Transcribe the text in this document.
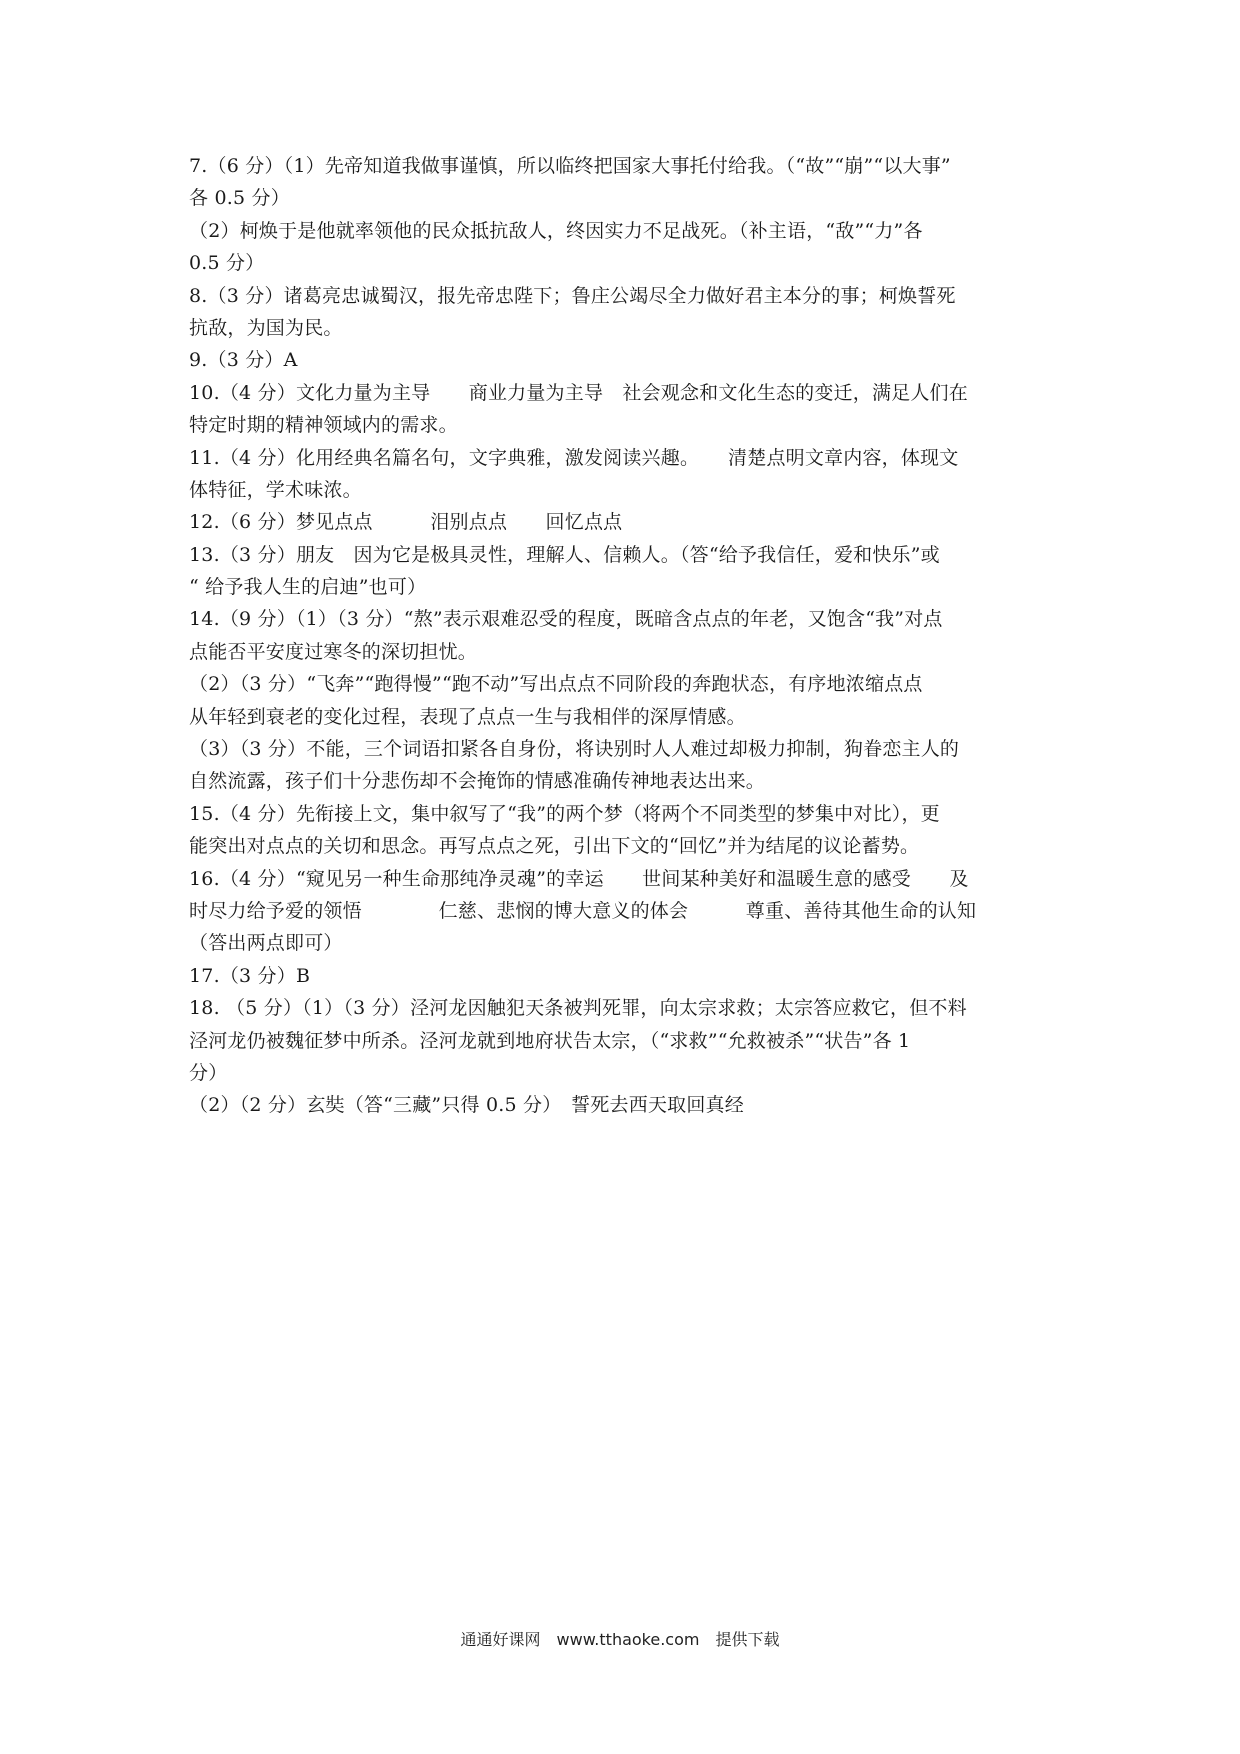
7.（6 分）（1）先帝知道我做事谨慎，所以临终把国家大事托付给我。（“故”“崩”“以大事”
各 0.5 分）
（2）柯焕于是他就率领他的民众抵抗敌人，终因实力不足战死。（补主语，“敌”“力”各
0.5 分）
8.（3 分）诸葛亮忠诚蜀汉，报先帝忠陛下；鲁庄公竭尽全力做好君主本分的事；柯焕誓死
抗敌，为国为民。
9.（3 分）A
10.（4 分）文化力量为主导　　商业力量为主导　社会观念和文化生态的变迁，满足人们在
特定时期的精神领域内的需求。
11.（4 分）化用经典名篇名句，文字典雅，激发阅读兴趣。　　清楚点明文章内容，体现文
体特征，学术味浓。
12.（6 分）梦见点点　　　泪别点点　　回忆点点
13.（3 分）朋友　因为它是极具灵性，理解人、信赖人。（答“给予我信任，爱和快乐”或
“ 给予我人生的启迪”也可）
14.（9 分）（1）（3 分）“熬”表示艰难忍受的程度，既暗含点点的年老，又饱含“我”对点
点能否平安度过寒冬的深切担忧。
（2）（3 分）“飞奔”“跑得慢”“跑不动”写出点点不同阶段的奔跑状态，有序地浓缩点点
从年轻到衰老的变化过程，表现了点点一生与我相伴的深厚情感。
（3）（3 分）不能，三个词语扣紧各自身份，将诀别时人人难过却极力抑制，狗眷恋主人的
自然流露，孩子们十分悲伤却不会掩饰的情感准确传神地表达出来。
15.（4 分）先衔接上文，集中叙写了“我”的两个梦（将两个不同类型的梦集中对比），更
能突出对点点的关切和思念。再写点点之死，引出下文的“回忆”并为结尾的议论蓄势。
16.（4 分）“窥见另一种生命那纯净灵魂”的幸运　　世间某种美好和温暖生意的感受　　及
时尽力给予爱的领悟　　　　仁慈、悲悯的博大意义的体会　　　尊重、善待其他生命的认知
（答出两点即可）
17.（3 分）B
18. （5 分）（1）（3 分）泾河龙因触犯天条被判死罪，向太宗求救；太宗答应救它，但不料
泾河龙仍被魏征梦中所杀。泾河龙就到地府状告太宗，（“求救”“允救被杀”“状告”各 1
分）
（2）（2 分）玄奘（答“三藏”只得 0.5 分）　誓死去西天取回真经
通通好课网　www.tthaoke.com　提供下载
